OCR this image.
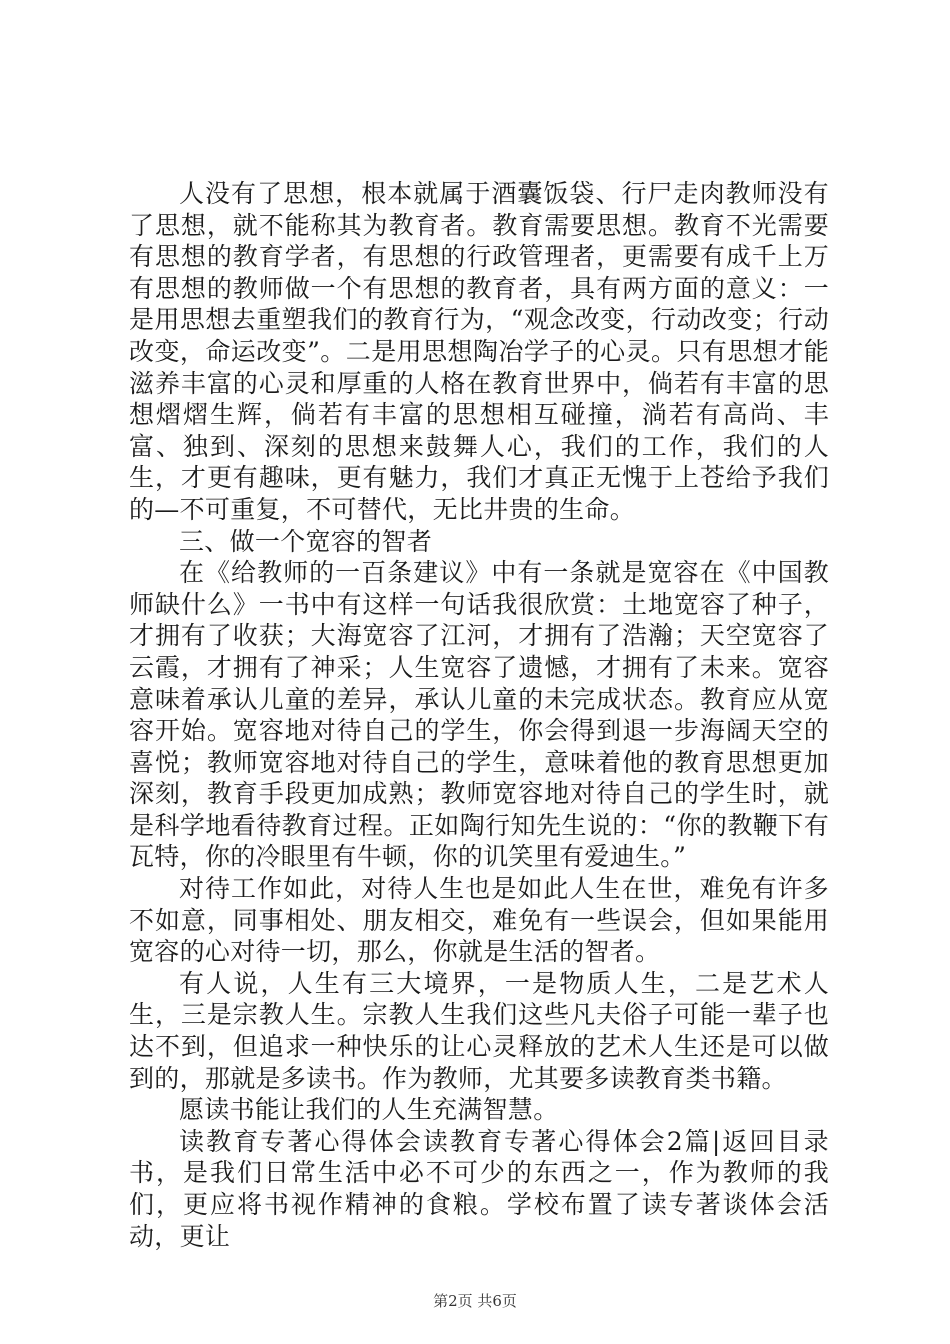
人没有了思想，根本就属于酒囊饭袋、行尸走肉教师没有了思想，就不能称其为教育者。教育需要思想。教育不光需要有思想的教育学者，有思想的行政管理者，更需要有成千上万有思想的教师做一个有思想的教育者，具有两方面的意义：一是用思想去重塑我们的教育行为，“观念改变，行动改变；行动改变，命运改变”。二是用思想陶冶学子的心灵。只有思想才能滋养丰富的心灵和厚重的人格在教育世界中，倘若有丰富的思想熠熠生辉，倘若有丰富的思想相互碰撞，淌若有高尚、丰富、独到、深刻的思想来鼓舞人心，我们的工作，我们的人生，才更有趣味，更有魅力，我们才真正无愧于上苍给予我们的—不可重复，不可替代，无比井贵的生命。

三、做一个宽容的智者

在《给教师的一百条建议》中有一条就是宽容在《中国教师缺什么》一书中有这样一句话我很欣赏：土地宽容了种子，才拥有了收获；大海宽容了江河，才拥有了浩瀚；天空宽容了云霞，才拥有了神采；人生宽容了遗憾，才拥有了未来。宽容意味着承认儿童的差异，承认儿童的未完成状态。教育应从宽容开始。宽容地对待自己的学生，你会得到退一步海阔天空的喜悦；教师宽容地对待自己的学生，意味着他的教育思想更加深刻，教育手段更加成熟；教师宽容地对待自己的学生时，就是科学地看待教育过程。正如陶行知先生说的：“你的教鞭下有瓦特，你的冷眼里有牛顿，你的讥笑里有爱迪生。”

对待工作如此，对待人生也是如此人生在世，难免有许多不如意，同事相处、朋友相交，难免有一些误会，但如果能用宽容的心对待一切，那么，你就是生活的智者。

有人说，人生有三大境界，一是物质人生，二是艺术人生，三是宗教人生。宗教人生我们这些凡夫俗子可能一辈子也达不到，但追求一种快乐的让心灵释放的艺术人生还是可以做到的，那就是多读书。作为教师，尤其要多读教育类书籍。

愿读书能让我们的人生充满智慧。

读教育专著心得体会读教育专著心得体会2篇|返回目录书，是我们日常生活中必不可少的东西之一，作为教师的我们，更应将书视作精神的食粮。学校布置了读专著谈体会活动，更让

第2页 共6页
